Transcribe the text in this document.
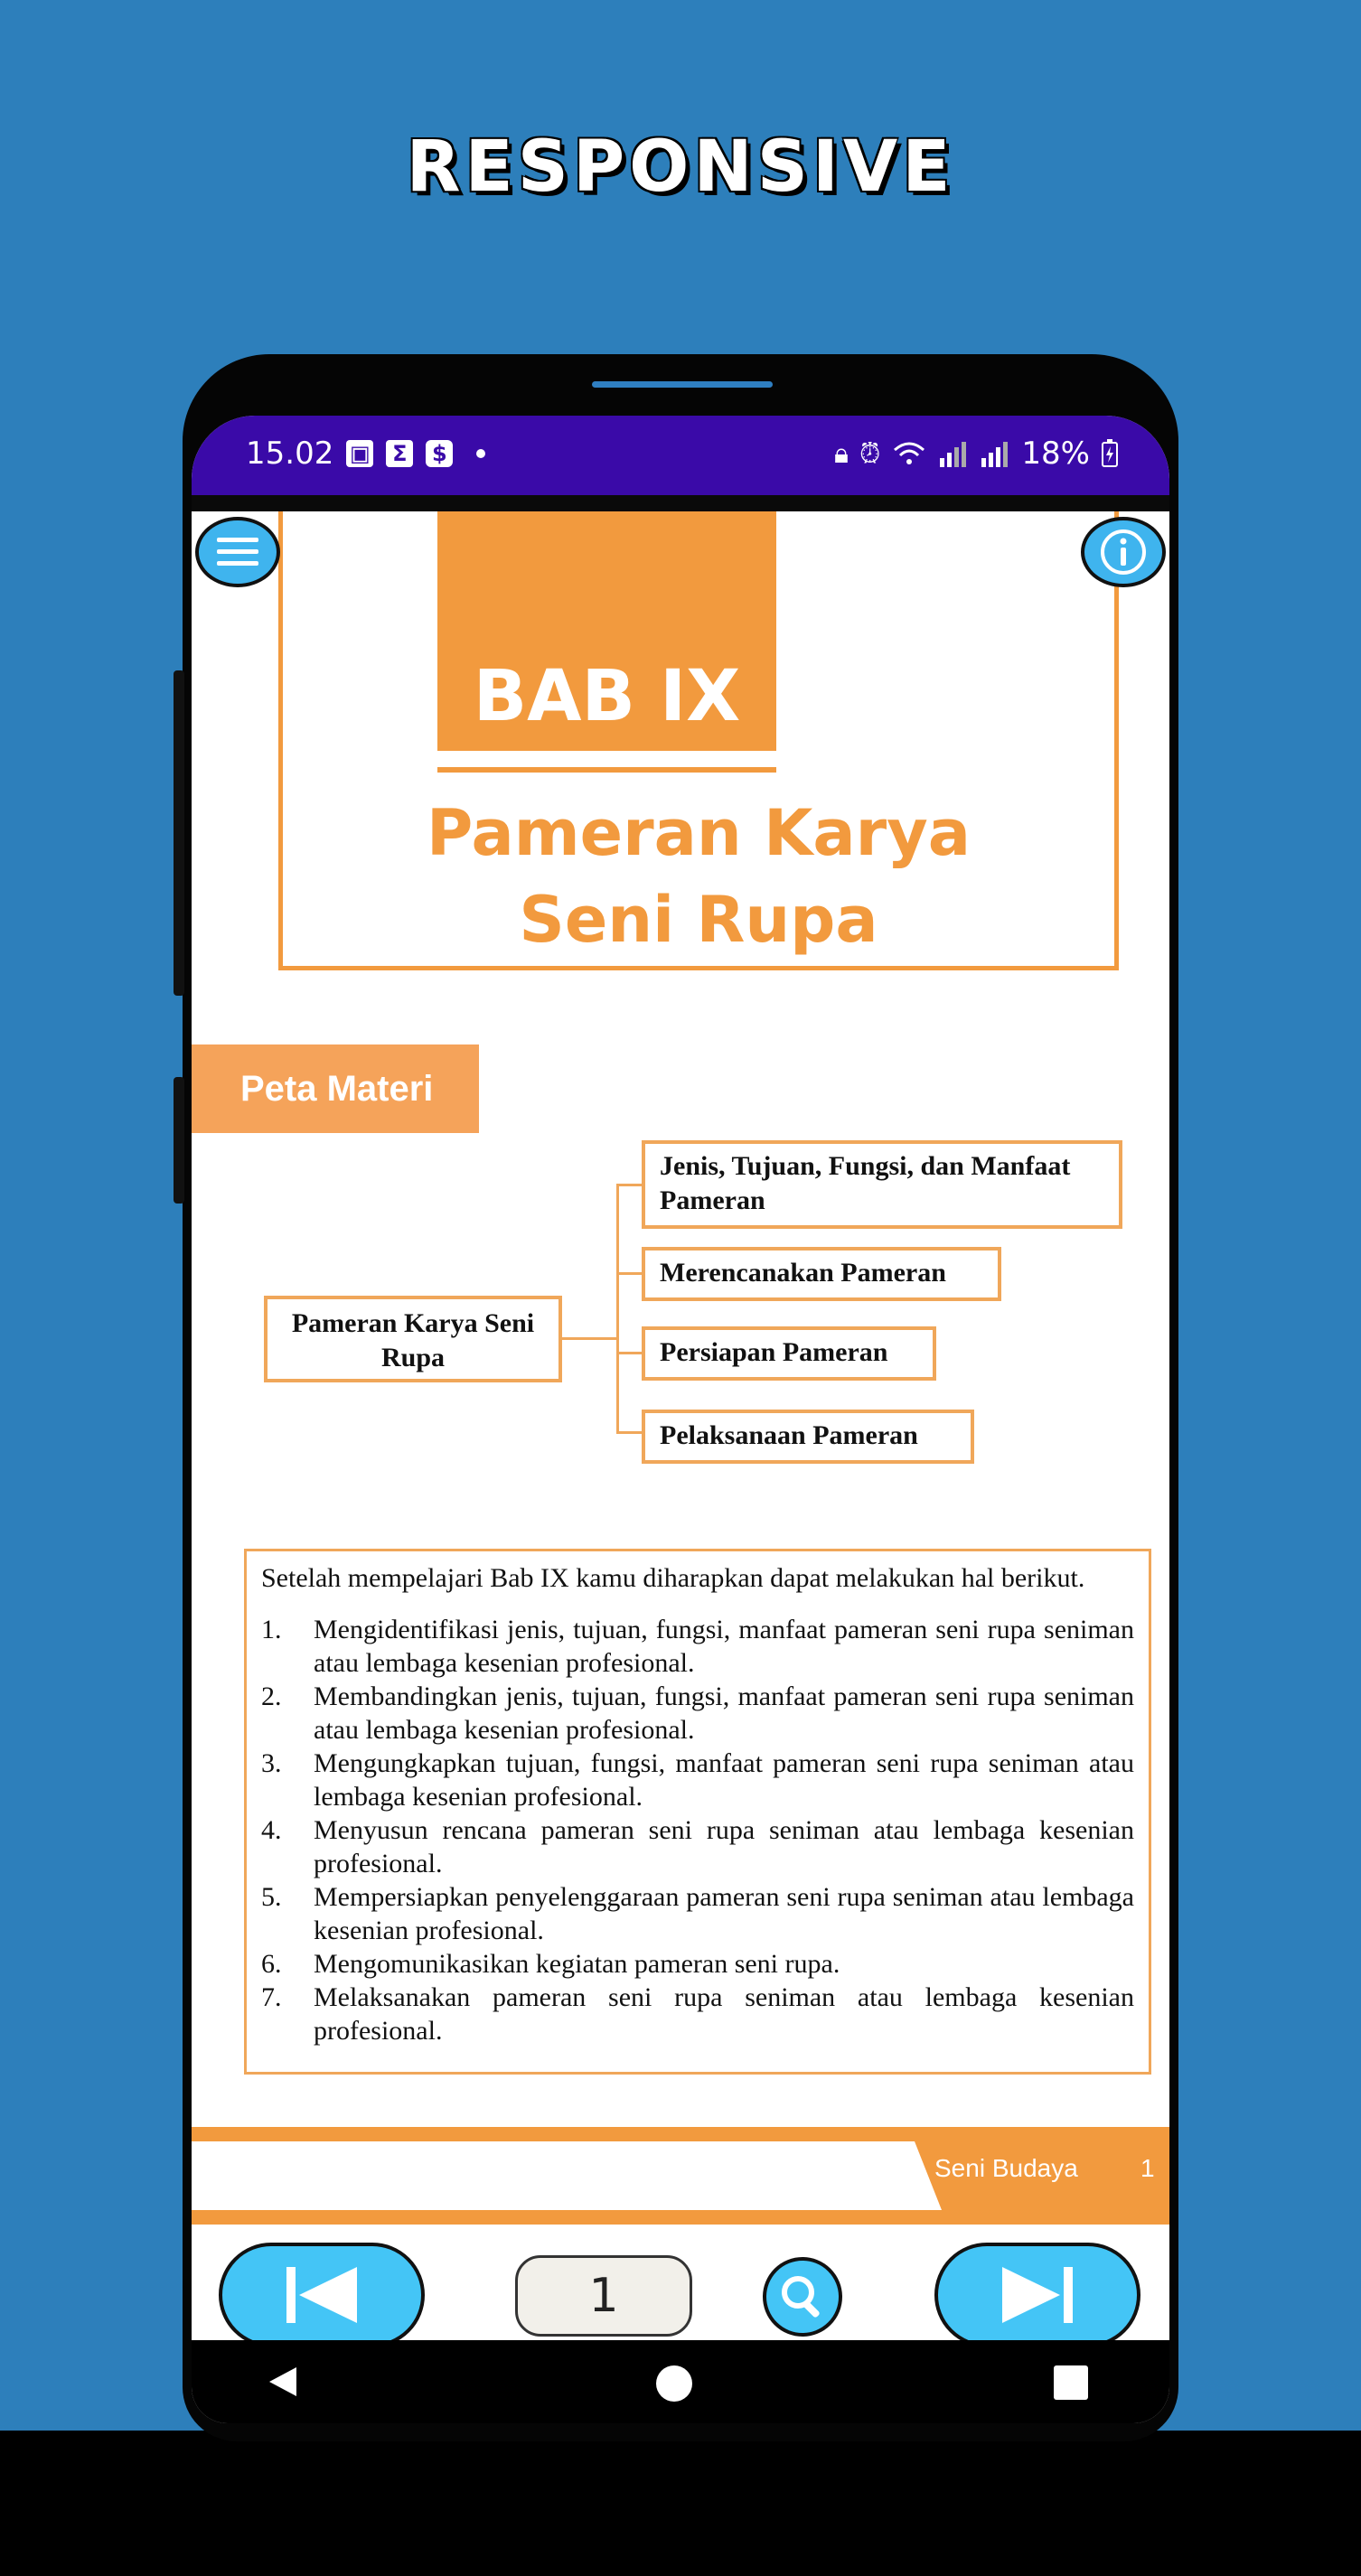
RESPONSIVE
15.02 ▣ Σ $	🔒︎ ⏰︎	18%
BAB IX
Pameran Karya
Seni Rupa
Peta Materi
Pameran Karya Seni
Rupa
Jenis, Tujuan, Fungsi, dan Manfaat
Pameran
Merencanakan Pameran
Persiapan Pameran
Pelaksanaan Pameran
Setelah mempelajari Bab IX kamu diharapkan dapat melakukan hal berikut.
1.	Mengidentifikasi jenis, tujuan, fungsi, manfaat pameran seni rupa seniman atau lembaga kesenian profesional.
2.	Membandingkan jenis, tujuan, fungsi, manfaat pameran seni rupa seniman atau lembaga kesenian profesional.
3.	Mengungkapkan tujuan, fungsi, manfaat pameran seni rupa seniman atau lembaga kesenian profesional.
4.	Menyusun rencana pameran seni rupa seniman atau lembaga kesenian profesional.
5.	Mempersiapkan penyelenggaraan pameran seni rupa seniman atau lembaga kesenian profesional.
6.	Mengomunikasikan kegiatan pameran seni rupa.
7.	Melaksanakan pameran seni rupa seniman atau lembaga kesenian profesional.
Seni Budaya 1
1
